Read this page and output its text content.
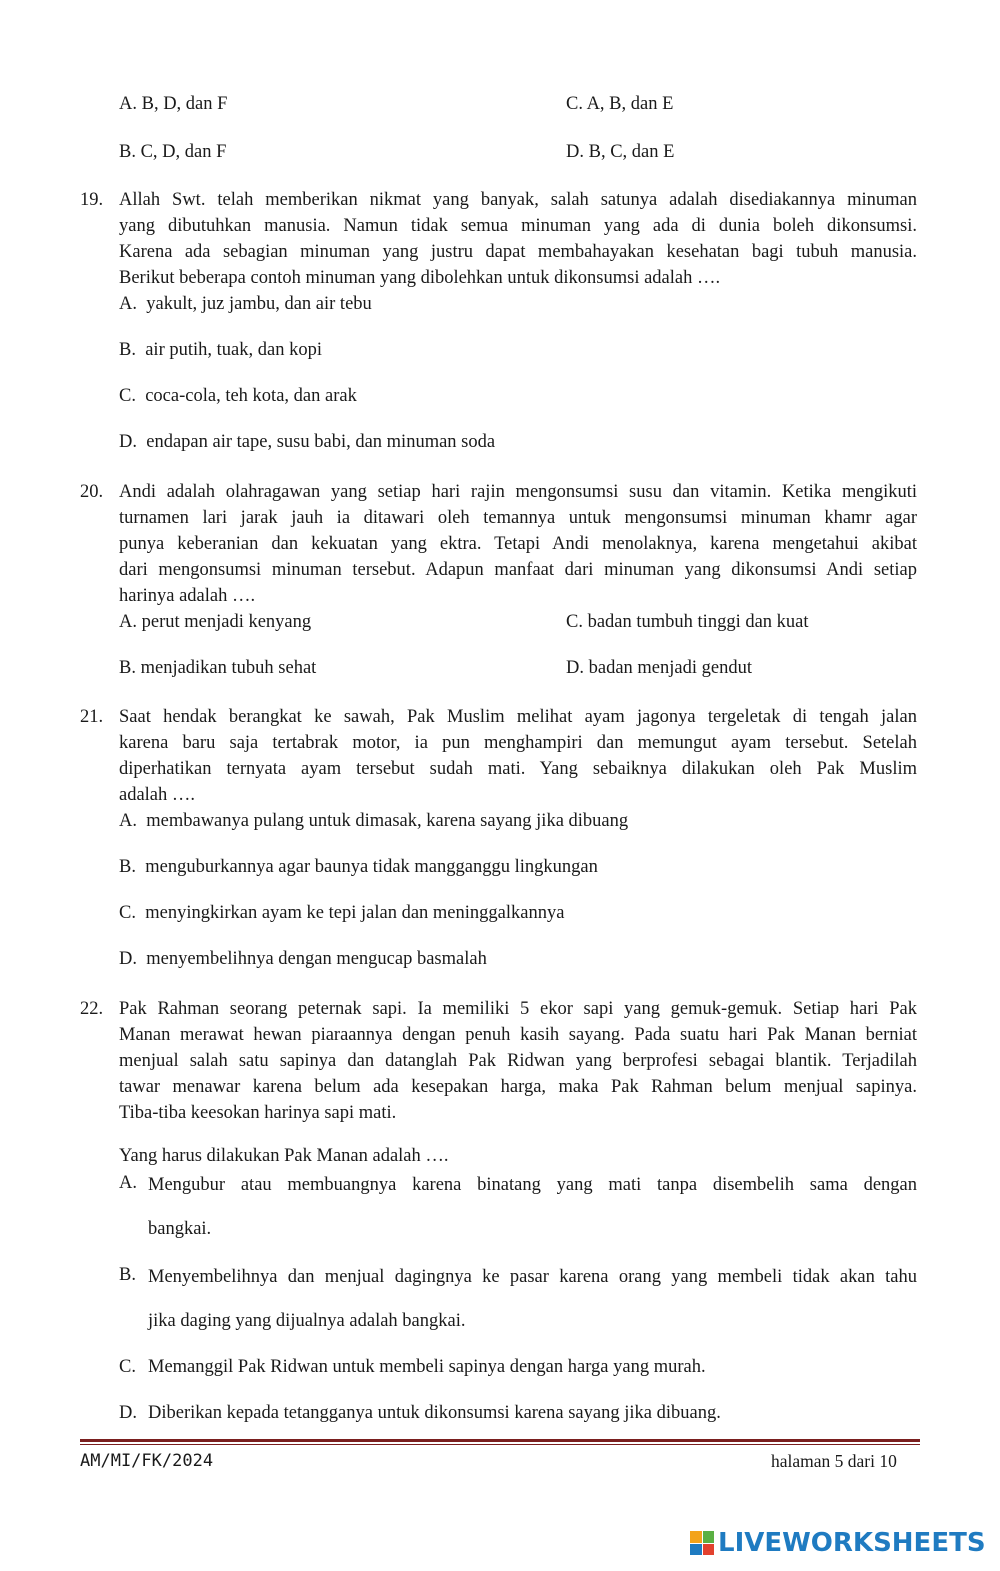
A. B, D, dan F	C. A, B, dan E
B. C, D, dan F	D. B, C, dan E
19. Allah Swt. telah memberikan nikmat yang banyak, salah satunya adalah disediakannya minuman
yang dibutuhkan manusia. Namun tidak semua minuman yang ada di dunia boleh dikonsumsi.
Karena ada sebagian minuman yang justru dapat membahayakan kesehatan bagi tubuh manusia.
Berikut beberapa contoh minuman yang dibolehkan untuk dikonsumsi adalah ….
A. yakult, juz jambu, dan air tebu
B. air putih, tuak, dan kopi
C. coca-cola, teh kota, dan arak
D. endapan air tape, susu babi, dan minuman soda
20. Andi adalah olahragawan yang setiap hari rajin mengonsumsi susu dan vitamin. Ketika mengikuti
turnamen lari jarak jauh ia ditawari oleh temannya untuk mengonsumsi minuman khamr agar
punya keberanian dan kekuatan yang ektra. Tetapi Andi menolaknya, karena mengetahui akibat
dari mengonsumsi minuman tersebut. Adapun manfaat dari minuman yang dikonsumsi Andi setiap
harinya adalah ….
A. perut menjadi kenyang	C. badan tumbuh tinggi dan kuat
B. menjadikan tubuh sehat	D. badan menjadi gendut
21. Saat hendak berangkat ke sawah, Pak Muslim melihat ayam jagonya tergeletak di tengah jalan
karena baru saja tertabrak motor, ia pun menghampiri dan memungut ayam tersebut. Setelah
diperhatikan ternyata ayam tersebut sudah mati. Yang sebaiknya dilakukan oleh Pak Muslim
adalah ….
A. membawanya pulang untuk dimasak, karena sayang jika dibuang
B. menguburkannya agar baunya tidak mangganggu lingkungan
C. menyingkirkan ayam ke tepi jalan dan meninggalkannya
D. menyembelihnya dengan mengucap basmalah
22. Pak Rahman seorang peternak sapi. Ia memiliki 5 ekor sapi yang gemuk-gemuk. Setiap hari Pak
Manan merawat hewan piaraannya dengan penuh kasih sayang. Pada suatu hari Pak Manan berniat
menjual salah satu sapinya dan datanglah Pak Ridwan yang berprofesi sebagai blantik. Terjadilah
tawar menawar karena belum ada kesepakan harga, maka Pak Rahman belum menjual sapinya.
Tiba-tiba keesokan harinya sapi mati.
Yang harus dilakukan Pak Manan adalah ….
A. Mengubur atau membuangnya karena binatang yang mati tanpa disembelih sama dengan
bangkai.
B. Menyembelihnya dan menjual dagingnya ke pasar karena orang yang membeli tidak akan tahu
jika daging yang dijualnya adalah bangkai.
C. Memanggil Pak Ridwan untuk membeli sapinya dengan harga yang murah.
D. Diberikan kepada tetangganya untuk dikonsumsi karena sayang jika dibuang.
AM/MI/FK/2024	halaman 5 dari 10
LIVEWORKSHEETS
